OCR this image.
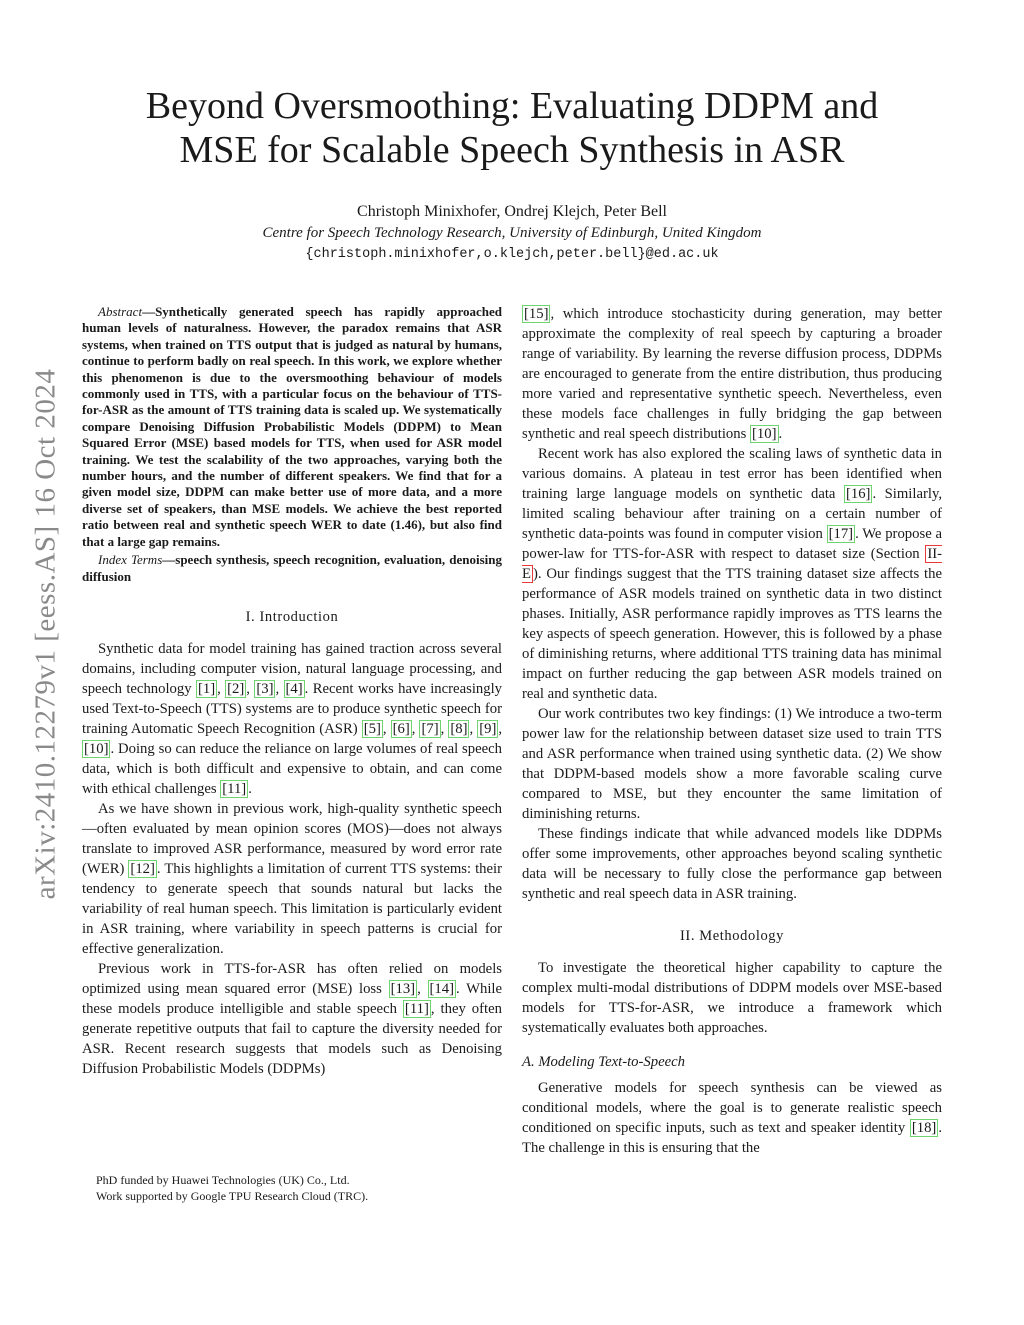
Beyond Oversmoothing: Evaluating DDPM and
MSE for Scalable Speech Synthesis in ASR
Christoph Minixhofer, Ondrej Klejch, Peter Bell
Centre for Speech Technology Research, University of Edinburgh, United Kingdom
{christoph.minixhofer,o.klejch,peter.bell}@ed.ac.uk
arXiv:2410.12279v1 [eess.AS] 16 Oct 2024

Abstract—Synthetically generated speech has rapidly approached human levels of naturalness. However, the paradox remains that ASR systems, when trained on TTS output that is judged as natural by humans, continue to perform badly on real speech. In this work, we explore whether this phenomenon is due to the oversmoothing behaviour of models commonly used in TTS, with a particular focus on the behaviour of TTS-for-ASR as the amount of TTS training data is scaled up. We systematically compare Denoising Diffusion Probabilistic Models (DDPM) to Mean Squared Error (MSE) based models for TTS, when used for ASR model training. We test the scalability of the two approaches, varying both the number hours, and the number of different speakers. We find that for a given model size, DDPM can make better use of more data, and a more diverse set of speakers, than MSE models. We achieve the best reported ratio between real and synthetic speech WER to date (1.46), but also find that a large gap remains.

Index Terms—speech synthesis, speech recognition, evaluation, denoising diffusion

I. Introduction

Synthetic data for model training has gained traction across several domains, including computer vision, natural language processing, and speech technology [1] , [2] , [3] , [4] . Recent works have increasingly used Text-to-Speech (TTS) systems are to produce synthetic speech for training Automatic Speech Recognition (ASR) [5] , [6] , [7] , [8] , [9] , [10] . Doing so can reduce the reliance on large volumes of real speech data, which is both difficult and expensive to obtain, and can come with ethical challenges [11] .

As we have shown in previous work, high-quality synthetic speech—often evaluated by mean opinion scores (MOS)—does not always translate to improved ASR performance, measured by word error rate (WER) [12] . This highlights a limitation of current TTS systems: their tendency to generate speech that sounds natural but lacks the variability of real human speech. This limitation is particularly evident in ASR training, where variability in speech patterns is crucial for effective generalization.

Previous work in TTS-for-ASR has often relied on models optimized using mean squared error (MSE) loss [13] , [14] . While these models produce intelligible and stable speech [11] , they often generate repetitive outputs that fail to capture the diversity needed for ASR. Recent research suggests that models such as Denoising Diffusion Probabilistic Models (DDPMs)

PhD funded by Huawei Technologies (UK) Co., Ltd.
Work supported by Google TPU Research Cloud (TRC).

[15] , which introduce stochasticity during generation, may better approximate the complexity of real speech by capturing a broader range of variability. By learning the reverse diffusion process, DDPMs are encouraged to generate from the entire distribution, thus producing more varied and representative synthetic speech. Nevertheless, even these models face challenges in fully bridging the gap between synthetic and real speech distributions [10] .

Recent work has also explored the scaling laws of synthetic data in various domains. A plateau in test error has been identified when training large language models on synthetic data [16] . Similarly, limited scaling behaviour after training on a certain number of synthetic data-points was found in computer vision [17] . We propose a power-law for TTS-for-ASR with respect to dataset size (Section II-E ). Our findings suggest that the TTS training dataset size affects the performance of ASR models trained on synthetic data in two distinct phases. Initially, ASR performance rapidly improves as TTS learns the key aspects of speech generation. However, this is followed by a phase of diminishing returns, where additional TTS training data has minimal impact on further reducing the gap between ASR models trained on real and synthetic data.

Our work contributes two key findings: (1) We introduce a two-term power law for the relationship between dataset size used to train TTS and ASR performance when trained using synthetic data. (2) We show that DDPM-based models show a more favorable scaling curve compared to MSE, but they encounter the same limitation of diminishing returns.

These findings indicate that while advanced models like DDPMs offer some improvements, other approaches beyond scaling synthetic data will be necessary to fully close the performance gap between synthetic and real speech data in ASR training.

II. Methodology

To investigate the theoretical higher capability to capture the complex multi-modal distributions of DDPM models over MSE-based models for TTS-for-ASR, we introduce a framework which systematically evaluates both approaches.

A. Modeling Text-to-Speech

Generative models for speech synthesis can be viewed as conditional models, where the goal is to generate realistic speech conditioned on specific inputs, such as text and speaker identity [18] . The challenge in this is ensuring that the
